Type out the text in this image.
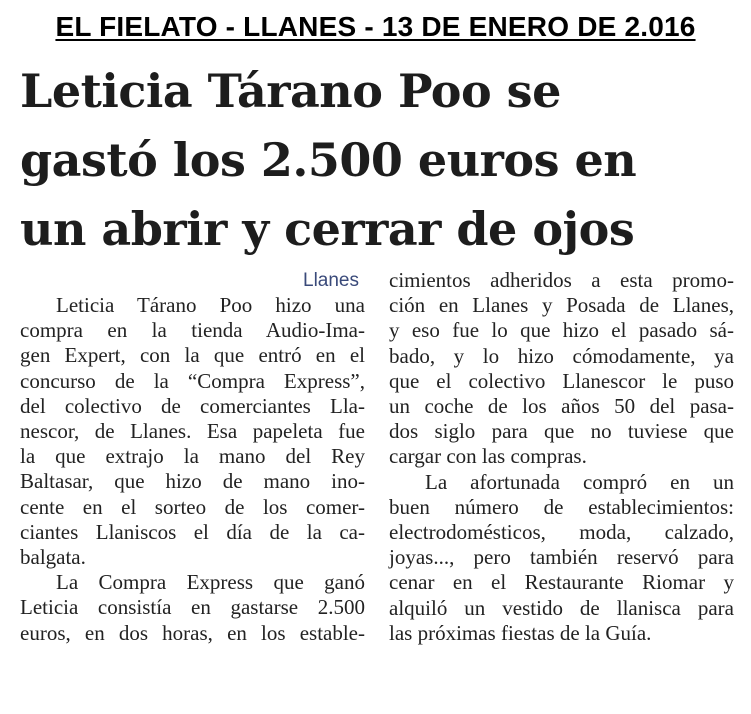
EL FIELATO - LLANES - 13 DE ENERO DE 2.016
Leticia Tárano Poo se
gastó los 2.500 euros en
un abrir y cerrar de ojos
Llanes

Leticia Tárano Poo hizo una
compra en la tienda Audio-Ima-
gen Expert, con la que entró en el
concurso de la “Compra Express”,
del colectivo de comerciantes Lla-
nescor, de Llanes. Esa papeleta fue
la que extrajo la mano del Rey
Baltasar, que hizo de mano ino-
cente en el sorteo de los comer-
ciantes Llaniscos el día de la ca-
balgata.

La Compra Express que ganó
Leticia consistía en gastarse 2.500
euros, en dos horas, en los estable-

cimientos adheridos a esta promo-
ción en Llanes y Posada de Llanes,
y eso fue lo que hizo el pasado sá-
bado, y lo hizo cómodamente, ya
que el colectivo Llanescor le puso
un coche de los años 50 del pasa-
dos siglo para que no tuviese que
cargar con las compras.

La afortunada compró en un
buen número de establecimientos:
electrodomésticos, moda, calzado,
joyas..., pero también reservó para
cenar en el Restaurante Riomar y
alquiló un vestido de llanisca para
las próximas fiestas de la Guía.
